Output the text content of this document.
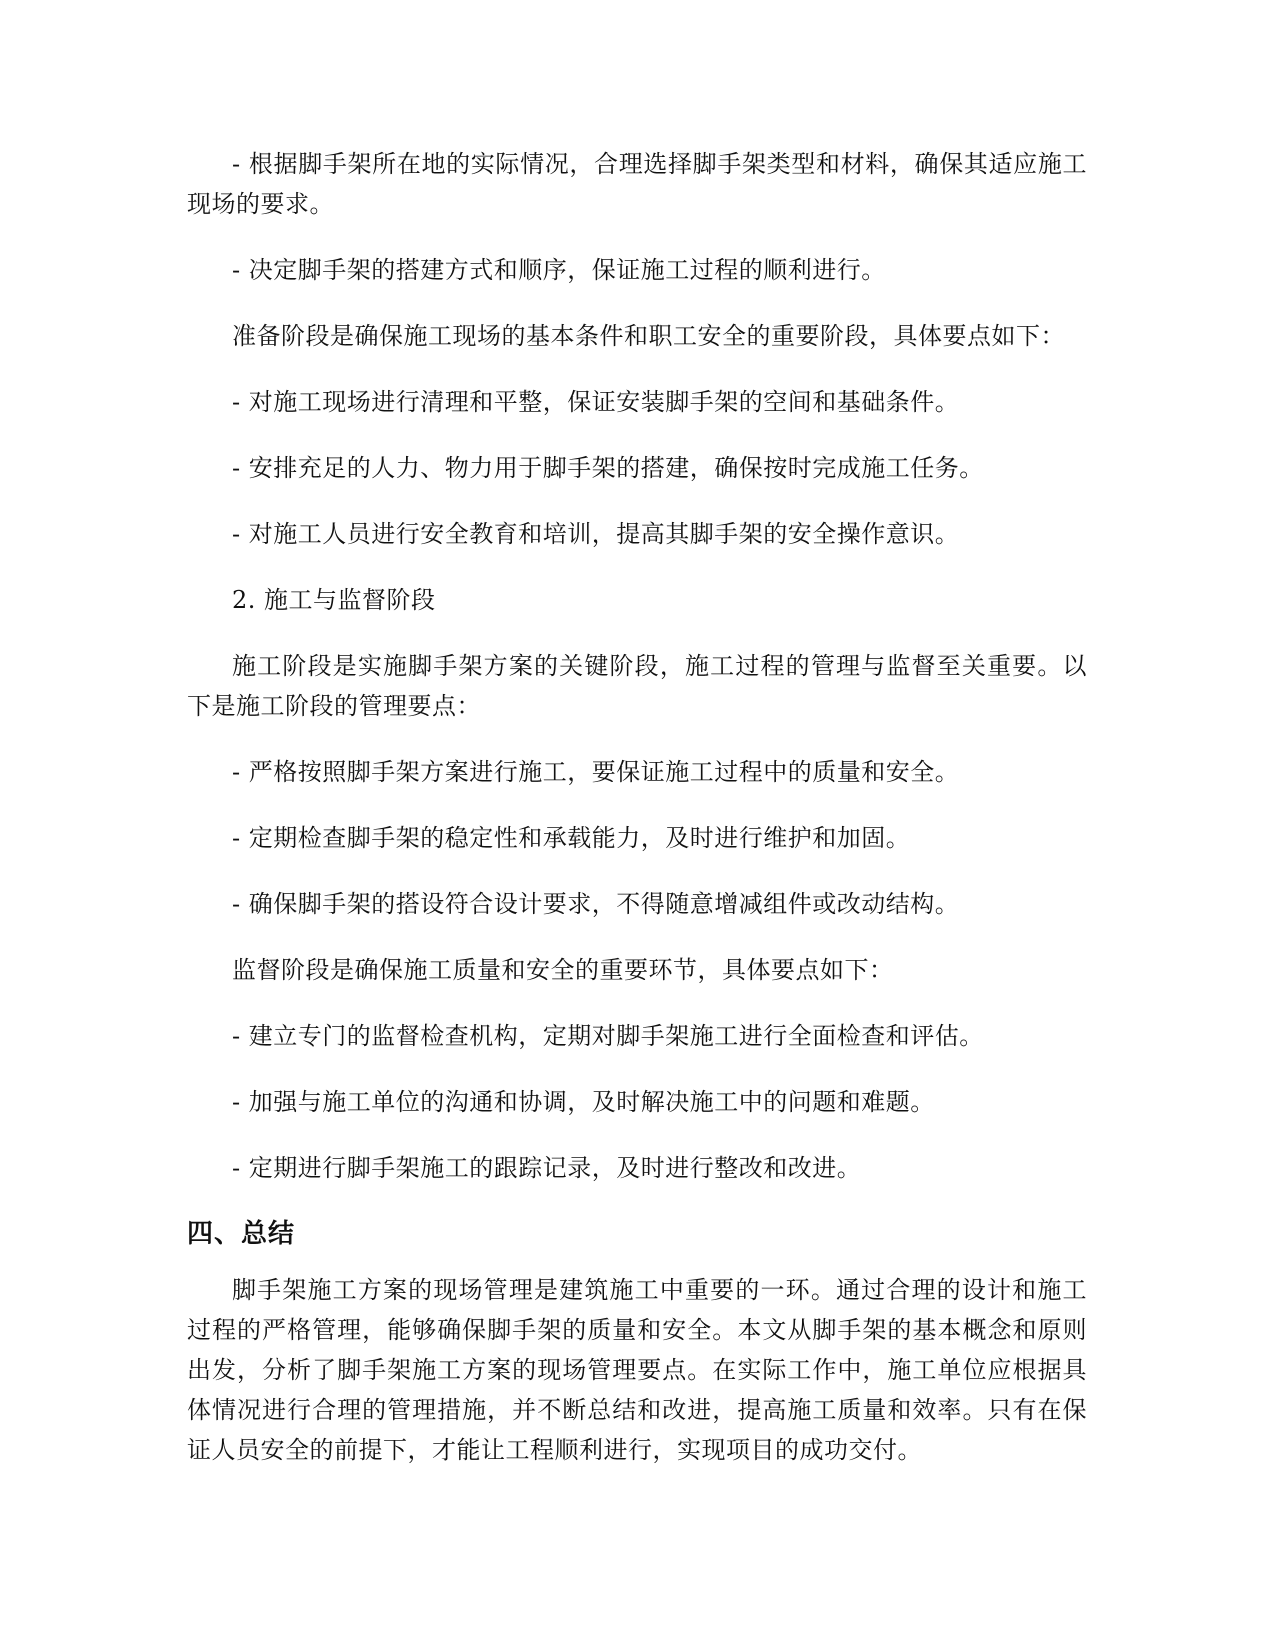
- 根据脚手架所在地的实际情况，合理选择脚手架类型和材料，确保其适应施工现场的要求。

- 决定脚手架的搭建方式和顺序，保证施工过程的顺利进行。

准备阶段是确保施工现场的基本条件和职工安全的重要阶段，具体要点如下：

- 对施工现场进行清理和平整，保证安装脚手架的空间和基础条件。

- 安排充足的人力、物力用于脚手架的搭建，确保按时完成施工任务。

- 对施工人员进行安全教育和培训，提高其脚手架的安全操作意识。

2. 施工与监督阶段

施工阶段是实施脚手架方案的关键阶段，施工过程的管理与监督至关重要。以下是施工阶段的管理要点：

- 严格按照脚手架方案进行施工，要保证施工过程中的质量和安全。

- 定期检查脚手架的稳定性和承载能力，及时进行维护和加固。

- 确保脚手架的搭设符合设计要求，不得随意增减组件或改动结构。

监督阶段是确保施工质量和安全的重要环节，具体要点如下：

- 建立专门的监督检查机构，定期对脚手架施工进行全面检查和评估。

- 加强与施工单位的沟通和协调，及时解决施工中的问题和难题。

- 定期进行脚手架施工的跟踪记录，及时进行整改和改进。

四、总结

脚手架施工方案的现场管理是建筑施工中重要的一环。通过合理的设计和施工过程的严格管理，能够确保脚手架的质量和安全。本文从脚手架的基本概念和原则出发，分析了脚手架施工方案的现场管理要点。在实际工作中，施工单位应根据具体情况进行合理的管理措施，并不断总结和改进，提高施工质量和效率。只有在保证人员安全的前提下，才能让工程顺利进行，实现项目的成功交付。
